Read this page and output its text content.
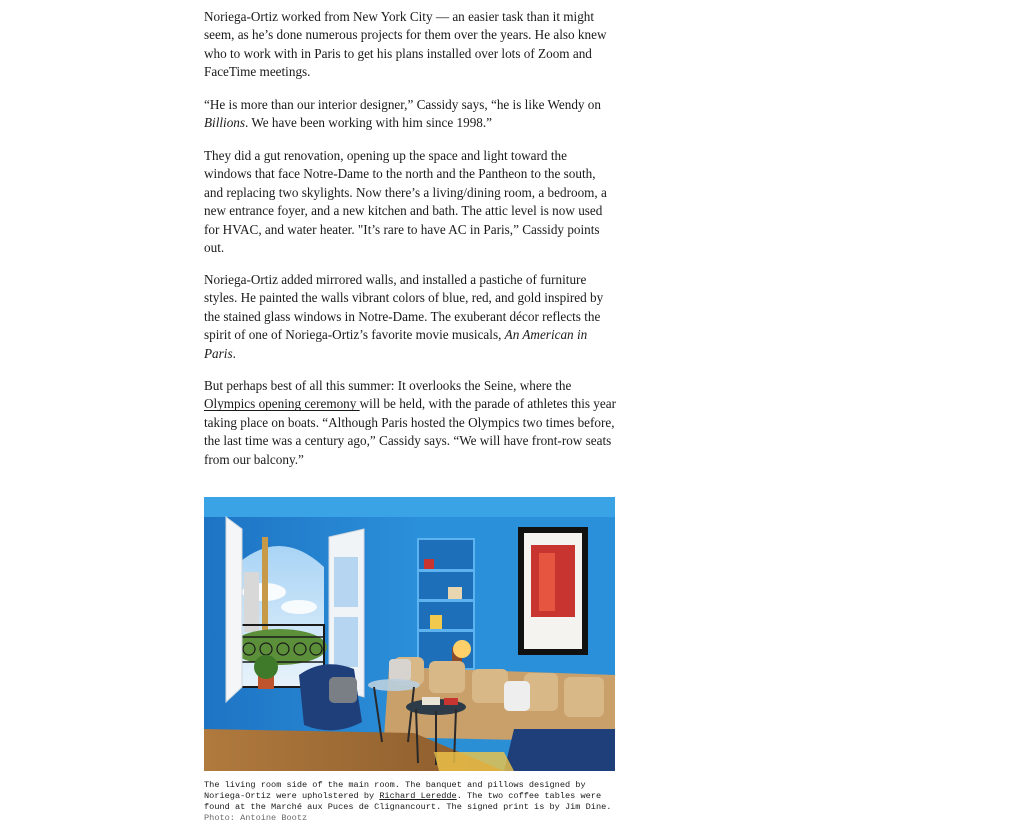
Noriega-Ortiz worked from New York City — an easier task than it might seem, as he’s done numerous projects for them over the years. He also knew who to work with in Paris to get his plans installed over lots of Zoom and FaceTime meetings.

“He is more than our interior designer,” Cassidy says, “he is like Wendy on Billions. We have been working with him since 1998.”

They did a gut renovation, opening up the space and light toward the windows that face Notre-Dame to the north and the Pantheon to the south, and replacing two skylights. Now there’s a living/dining room, a bedroom, a new entrance foyer, and a new kitchen and bath. The attic level is now used for HVAC, and water heater. "It’s rare to have AC in Paris,” Cassidy points out.

Noriega-Ortiz added mirrored walls, and installed a pastiche of furniture styles. He painted the walls vibrant colors of blue, red, and gold inspired by the stained glass windows in Notre-Dame. The exuberant décor reflects the spirit of one of Noriega-Ortiz’s favorite movie musicals, An American in Paris.

But perhaps best of all this summer: It overlooks the Seine, where the Olympics opening ceremony will be held, with the parade of athletes this year taking place on boats. “Although Paris hosted the Olympics two times before, the last time was a century ago,” Cassidy says. “We will have front-row seats from our balcony.”

The living room side of the main room. The banquet and pillows designed by Noriega-Ortiz were upholstered by Richard Leredde. The two coffee tables were found at the Marché aux Puces de Clignancourt. The signed print is by Jim Dine. Photo: Antoine Bootz
